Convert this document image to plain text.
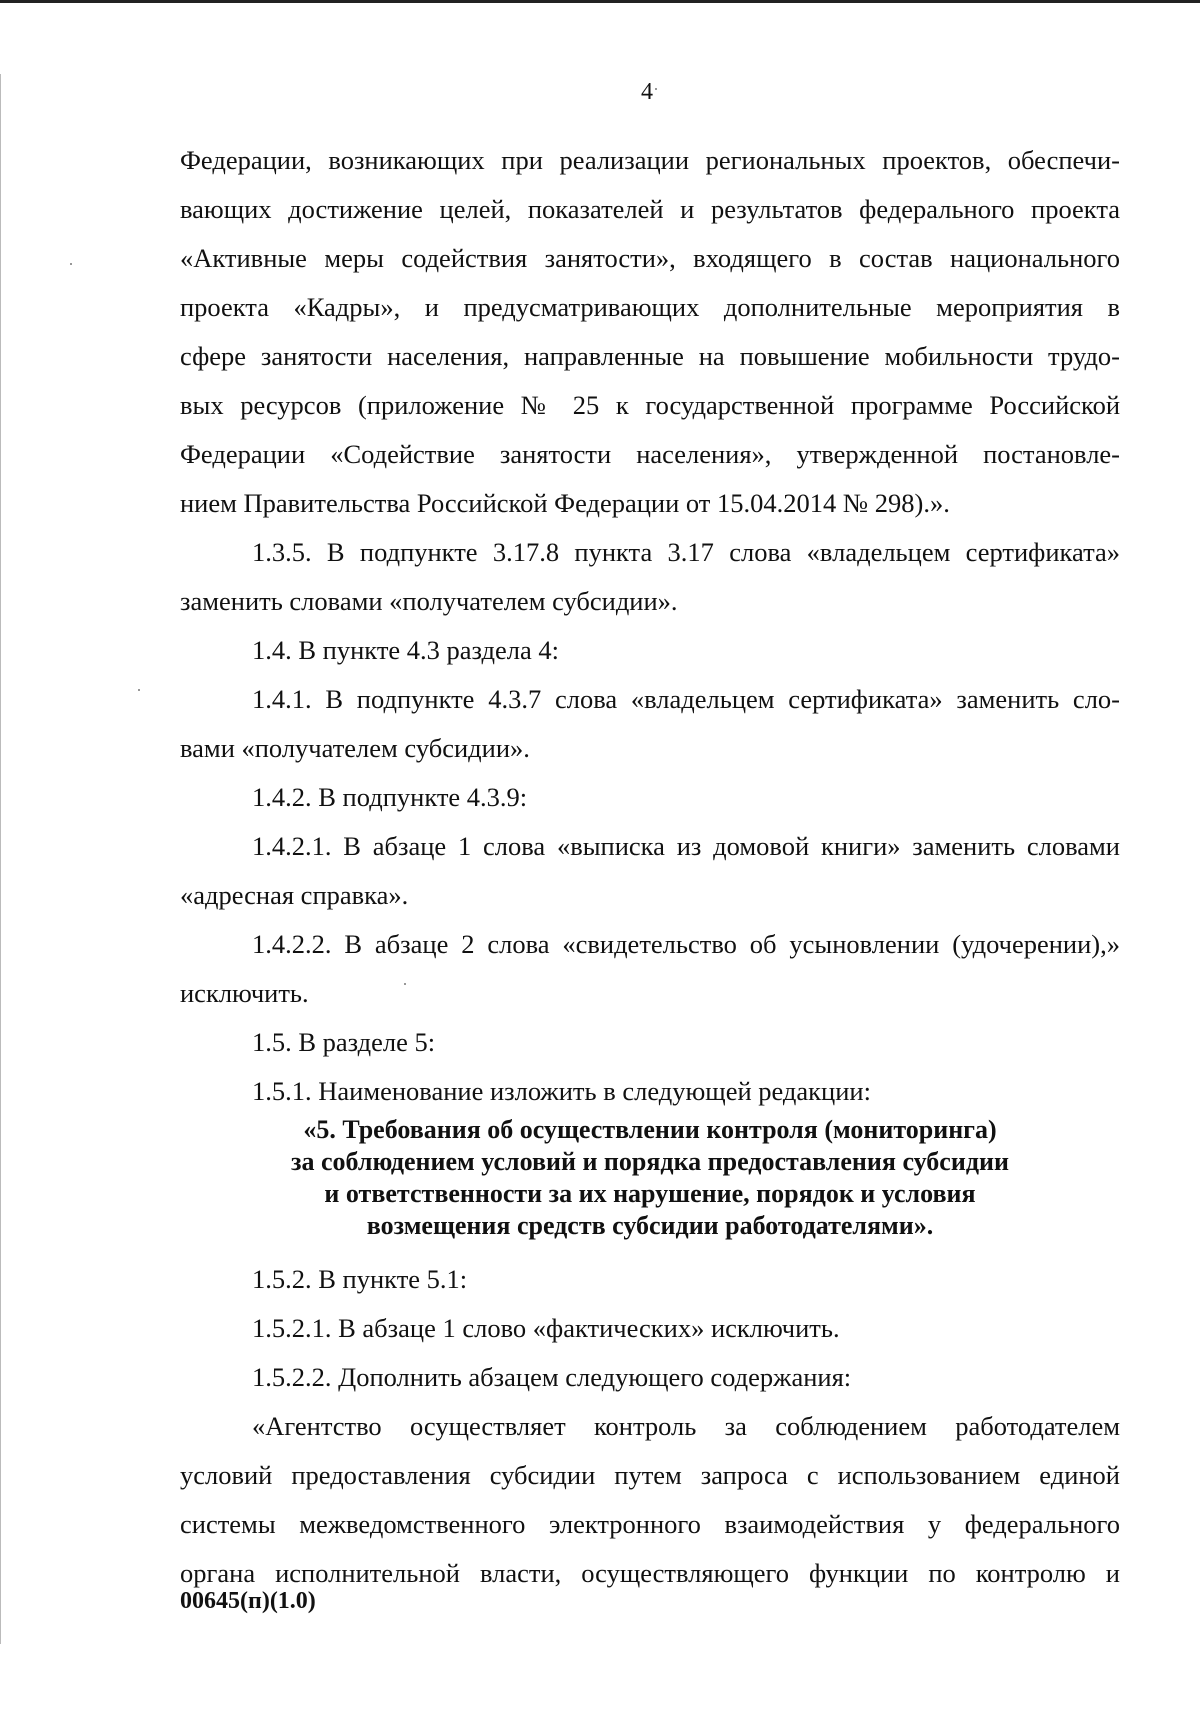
4
Федерации, возникающих при реализации региональных проектов, обеспечи-
вающих достижение целей, показателей и результатов федерального проекта
«Активные меры содействия занятости», входящего в состав национального
проекта «Кадры», и предусматривающих дополнительные мероприятия в
сфере занятости населения, направленные на повышение мобильности трудо-
вых ресурсов (приложение № 25 к государственной программе Российской
Федерации «Содействие занятости населения», утвержденной постановле-
нием Правительства Российской Федерации от 15.04.2014 № 298).».
1.3.5. В подпункте 3.17.8 пункта 3.17 слова «владельцем сертификата»
заменить словами «получателем субсидии».
1.4. В пункте 4.3 раздела 4:
1.4.1. В подпункте 4.3.7 слова «владельцем сертификата» заменить сло-
вами «получателем субсидии».
1.4.2. В подпункте 4.3.9:
1.4.2.1. В абзаце 1 слова «выписка из домовой книги» заменить словами
«адресная справка».
1.4.2.2. В абзаце 2 слова «свидетельство об усыновлении (удочерении),»
исключить.
1.5. В разделе 5:
1.5.1. Наименование изложить в следующей редакции:
«5. Требования об осуществлении контроля (мониторинга)
за соблюдением условий и порядка предоставления субсидии
и ответственности за их нарушение, порядок и условия
возмещения средств субсидии работодателями».
1.5.2. В пункте 5.1:
1.5.2.1. В абзаце 1 слово «фактических» исключить.
1.5.2.2. Дополнить абзацем следующего содержания:
«Агентство осуществляет контроль за соблюдением работодателем
условий предоставления субсидии путем запроса с использованием единой
системы межведомственного электронного взаимодействия у федерального
органа исполнительной власти, осуществляющего функции по контролю и
00645(п)(1.0)
